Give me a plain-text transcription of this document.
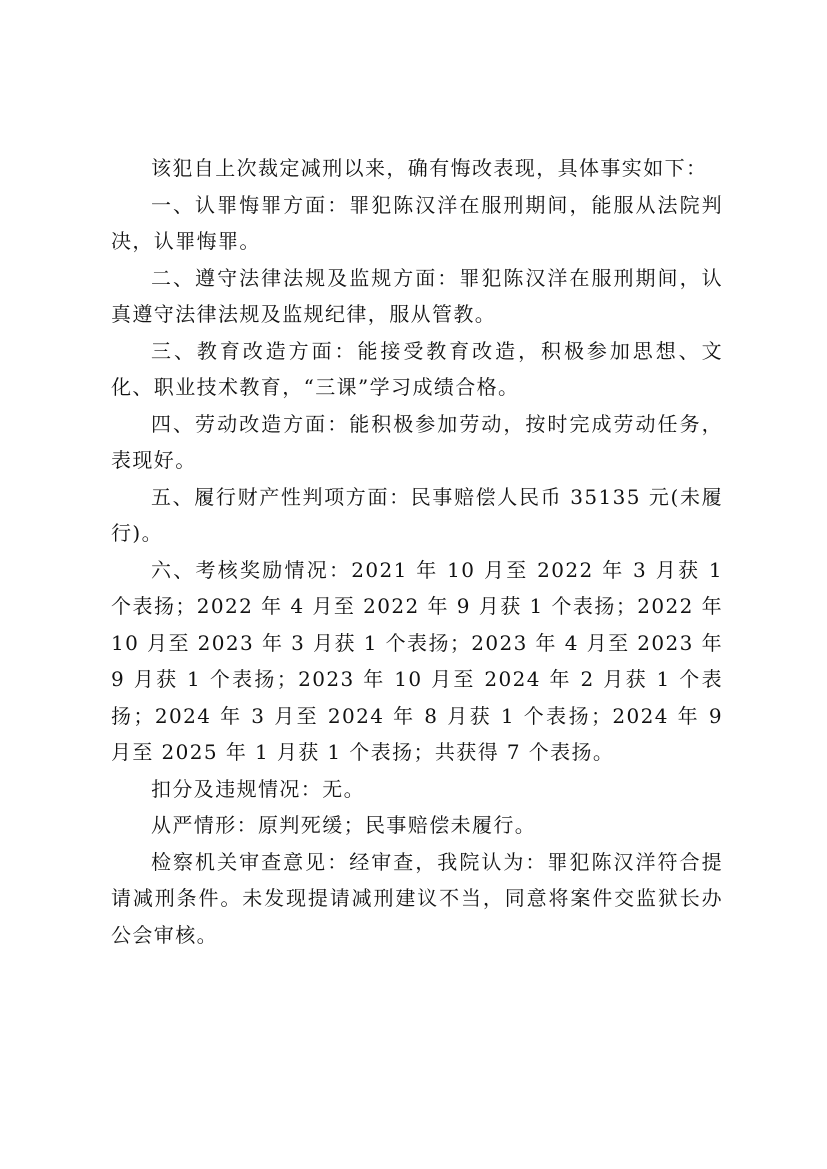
该犯自上次裁定减刑以来，确有悔改表现，具体事实如下：

一、认罪悔罪方面：罪犯陈汉洋在服刑期间，能服从法院判决，认罪悔罪。

二、遵守法律法规及监规方面：罪犯陈汉洋在服刑期间，认真遵守法律法规及监规纪律，服从管教。

三、教育改造方面：能接受教育改造，积极参加思想、文化、职业技术教育，“三课”学习成绩合格。

四、劳动改造方面：能积极参加劳动，按时完成劳动任务，表现好。

五、履行财产性判项方面：民事赔偿人民币 35135 元(未履行)。

六、考核奖励情况：2021 年 10 月至 2022 年 3 月获 1 个表扬；2022 年 4 月至 2022 年 9 月获 1 个表扬；2022 年 10 月至 2023 年 3 月获 1 个表扬；2023 年 4 月至 2023 年 9 月获 1 个表扬；2023 年 10 月至 2024 年 2 月获 1 个表扬；2024 年 3 月至 2024 年 8 月获 1 个表扬；2024 年 9 月至 2025 年 1 月获 1 个表扬；共获得 7 个表扬。

扣分及违规情况：无。

从严情形：原判死缓；民事赔偿未履行。

检察机关审查意见：经审查，我院认为：罪犯陈汉洋符合提请减刑条件。未发现提请减刑建议不当，同意将案件交监狱长办公会审核。
